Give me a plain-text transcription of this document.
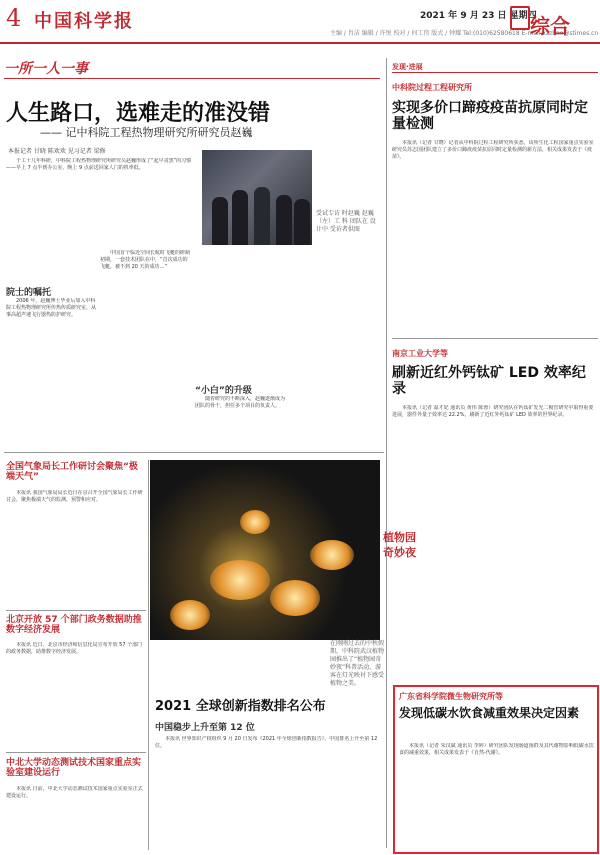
4 中国科学报	2021 年 9 月 23 日 星期四
主编 / 肖洁 编辑 / 许悦 校对 / 何工伟 版式 / 钟耀 Tel:(010)62580618 E-mail:xzzhao@stimes.cn
综合
一所一人一事
人生路口，选难走的准没错
—— 记中科院工程热物理研究所研究员赵巍
本报记者 甘晓 陈欢欢 见习记者 梁修

于工十几年科研，中科院工程热物理研究所研究员赵巍形成了“起早贪黑”的习惯——早上 7 点半到办公室，晚上 9 点前送回家人门的机率低。

受试专访 时赵巍 赵巍（左）工 科 团队在 设计中 受访者供图
院士的嘱托

2006 年，赵巍博士毕业后加入中科院工程热物理研究所传热传质研究室，从事高超声速飞行器热防护研究。

中国首个临近空间长航时飞艇的研制初期，一套技术团队在中，“首次成功的飞艇，被不到 20 天的成功…”

“小白”的升级

随着研究的不断深入，赵巍逐渐成为团队的骨干，担任多个项目的负责人。

发现·进展
中科院过程工程研究所
实现多价口蹄疫疫苗抗原同时定量检测

本报讯（记者 甘晓）记者从中科院过程工程研究所获悉，该所生化工程国家重点实验室研究员苏志国团队建立了多价口蹄疫疫苗抗原同时定量检测的新方法，相关成果发表于《疫苗》。

南京工业大学等
刷新近红外钙钛矿 LED 效率纪录

本报讯（记者 温才妃 通讯员 黄伟 陈蓉）研究团队在钙钛矿发光二极管研究中取得重要进展，器件外量子效率达 22.2%，刷新了近红外钙钛矿 LED 效率的世界纪录。

植物园奇妙夜
在刚刚过去的中秋假期，中科院武汉植物园推出了“植物园奇妙夜”科普活动，游客在灯光映衬下感受植物之美。
全国气象局长工作研讨会聚焦“极端天气”

本报讯 我国气象局局长近日在京召开全国气象局长工作研讨会，聚焦极端天气的监测、预警和应对。

北京开放 57 个部门政务数据助推数字经济发展

本报讯 近日，北京市经济和信息化局宣布开放 57 个部门的政务数据，助推数字经济发展。

中北大学动态测试技术国家重点实验室建设运行

本报讯 日前，中北大学动态测试技术国家重点实验室正式建设运行。

2021 全球创新指数排名公布
中国稳步上升至第 12 位

本报讯 世界知识产权组织 9 月 20 日发布《2021 年全球创新指数报告》，中国排名上升至第 12 位。

广东省科学院微生物研究所等
发现低碳水饮食减重效果决定因素

本报讯（记者 朱汉斌 通讯员 李婷）研究团队发现肠道菌群及其代谢物影响低碳水饮食的减重效果，相关成果发表于《自然-代谢》。
